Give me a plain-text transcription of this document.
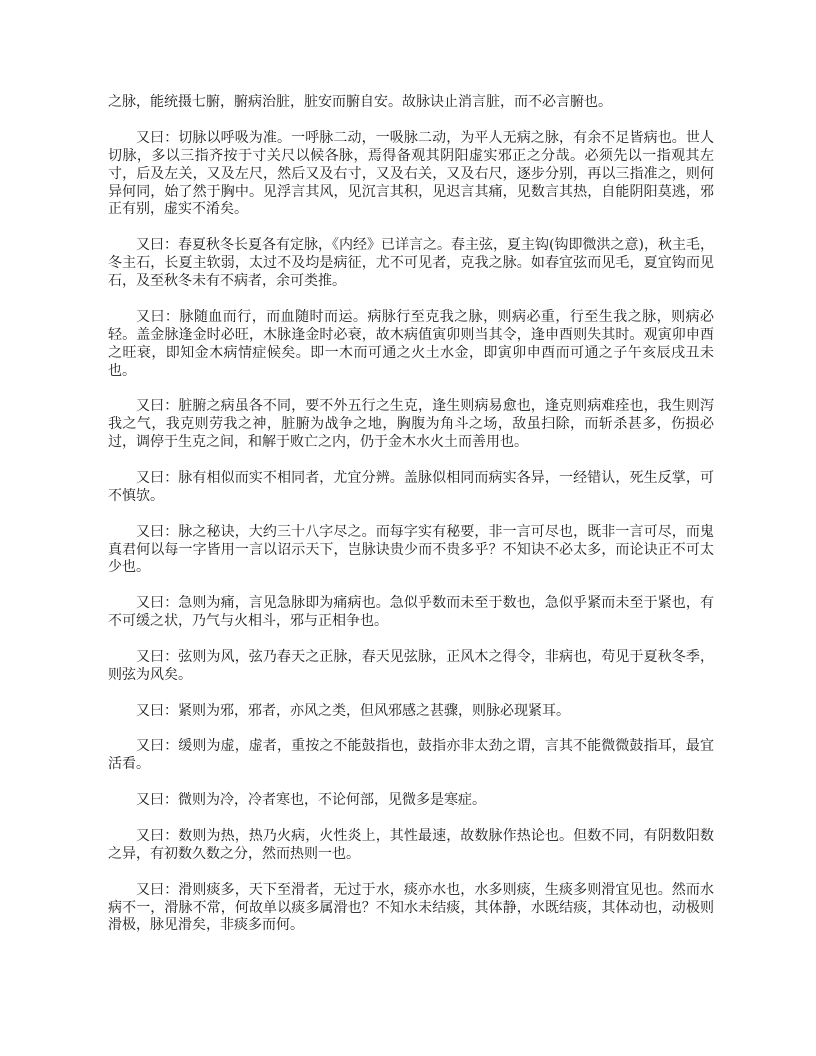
之脉，能统摄七腑，腑病治脏，脏安而腑自安。故脉诀止消言脏，而不必言腑也。

又曰：切脉以呼吸为准。一呼脉二动，一吸脉二动，为平人无病之脉，有余不足皆病也。世人切脉，多以三指齐按于寸关尺以候各脉，焉得备观其阴阳虚实邪正之分哉。必须先以一指观其左寸，后及左关，又及左尺，然后又及右寸，又及右关，又及右尺，逐步分别，再以三指准之，则何异何同，始了然于胸中。见浮言其风，见沉言其积，见迟言其痛，见数言其热，自能阴阳莫逃，邪正有别，虚实不淆矣。

又曰：春夏秋冬长夏各有定脉，《内经》已详言之。春主弦，夏主钩(钩即微洪之意)，秋主毛，冬主石，长夏主软弱，太过不及均是病征，尤不可见者，克我之脉。如春宜弦而见毛，夏宜钩而见石，及至秋冬未有不病者，余可类推。

又曰：脉随血而行，而血随时而运。病脉行至克我之脉，则病必重，行至生我之脉，则病必轻。盖金脉逢金时必旺，木脉逢金时必衰，故木病值寅卯则当其令，逢申酉则失其时。观寅卯申酉之旺衰，即知金木病情症候矣。即一木而可通之火土水金，即寅卯申酉而可通之子午亥辰戌丑未也。

又曰：脏腑之病虽各不同，要不外五行之生克，逢生则病易愈也，逢克则病难痊也，我生则泻我之气，我克则劳我之神，脏腑为战争之地，胸腹为角斗之场，敌虽扫除，而斩杀甚多，伤损必过，调停于生克之间，和解于败亡之内，仍于金木水火土而善用也。

又曰：脉有相似而实不相同者，尤宜分辨。盖脉似相同而病实各异，一经错认，死生反掌，可不慎欤。

又曰：脉之秘诀，大约三十八字尽之。而每字实有秘要，非一言可尽也，既非一言可尽，而鬼真君何以每一字皆用一言以诏示天下，岂脉诀贵少而不贵多乎？不知诀不必太多，而论诀正不可太少也。

又曰：急则为痛，言见急脉即为痛病也。急似乎数而未至于数也，急似乎紧而未至于紧也，有不可缓之状，乃气与火相斗，邪与正相争也。

又曰：弦则为风，弦乃春天之正脉，春天见弦脉，正风木之得令，非病也，苟见于夏秋冬季，则弦为风矣。

又曰：紧则为邪，邪者，亦风之类，但风邪感之甚骤，则脉必现紧耳。

又曰：缓则为虚，虚者，重按之不能鼓指也，鼓指亦非太劲之谓，言其不能微微鼓指耳，最宜活看。

又曰：微则为冷，冷者寒也，不论何部，见微多是寒症。

又曰：数则为热，热乃火病，火性炎上，其性最速，故数脉作热论也。但数不同，有阴数阳数之异，有初数久数之分，然而热则一也。

又曰：滑则痰多，天下至滑者，无过于水，痰亦水也，水多则痰，生痰多则滑宜见也。然而水病不一，滑脉不常，何故单以痰多属滑也？不知水未结痰，其体静，水既结痰，其体动也，动极则滑极，脉见滑矣，非痰多而何。
